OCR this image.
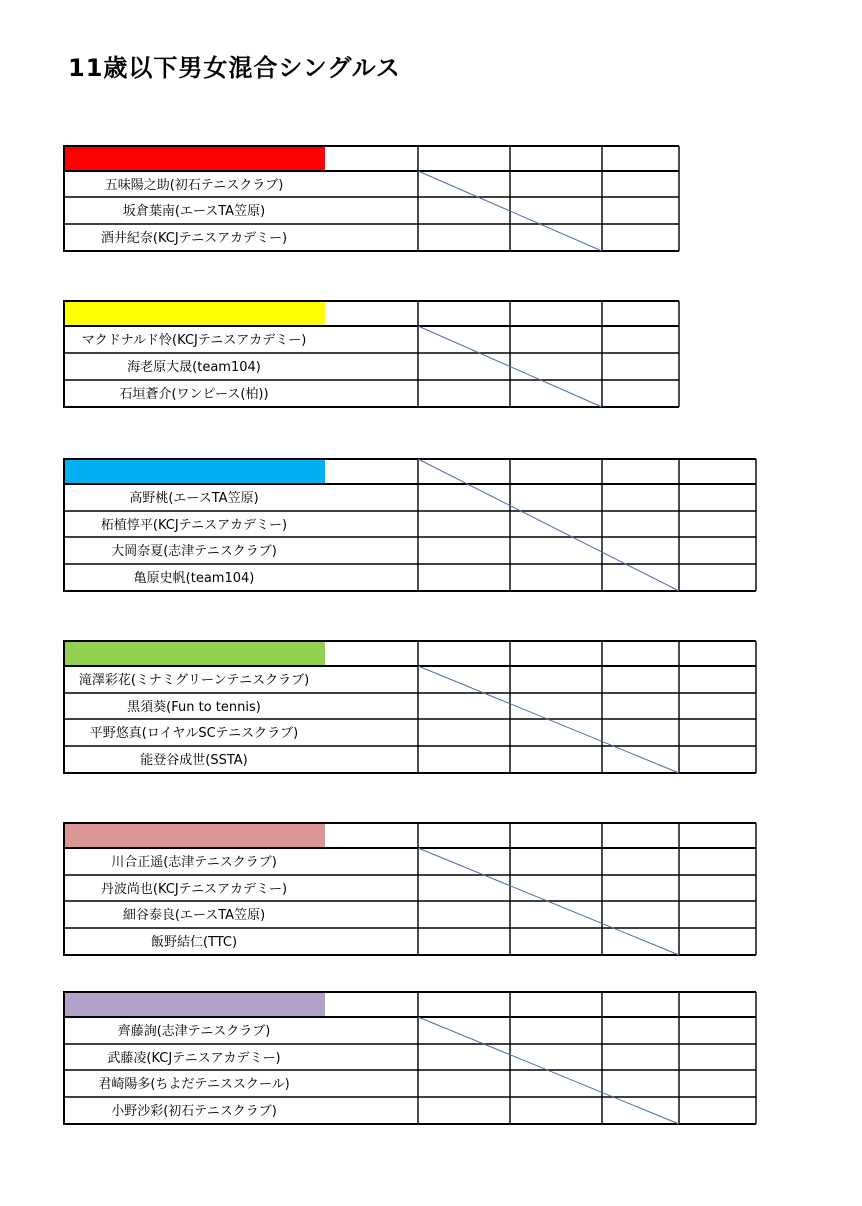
11歳以下男女混合シングルス
五味陽之助(初石テニスクラブ)
坂倉葉南(エースTA笠原)
酒井紀奈(KCJテニスアカデミー)
マクドナルド怜(KCJテニスアカデミー)
海老原大晟(team104)
石垣蒼介(ワンピース(柏))
高野桃(エースTA笠原)
柘植惇平(KCJテニスアカデミー)
大岡奈夏(志津テニスクラブ)
亀原史帆(team104)
滝澤彩花(ミナミグリーンテニスクラブ)
黒須葵(Fun to tennis)
平野悠真(ロイヤルSCテニスクラブ)
能登谷成世(SSTA)
川合正遥(志津テニスクラブ)
丹波尚也(KCJテニスアカデミー)
細谷泰良(エースTA笠原)
飯野結仁(TTC)
齊藤詢(志津テニスクラブ)
武藤凌(KCJテニスアカデミー)
君崎陽多(ちよだテニススクール)
小野沙彩(初石テニスクラブ)
